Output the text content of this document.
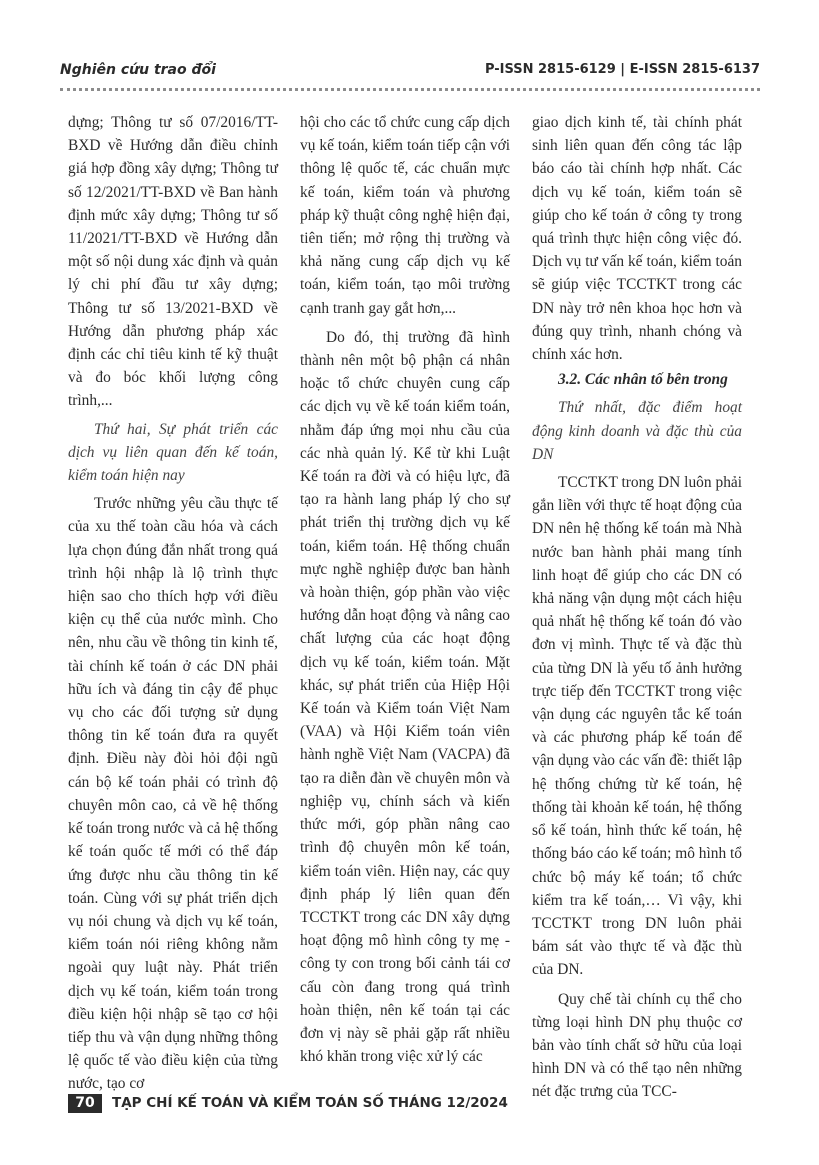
Nghiên cứu trao đổi	P-ISSN 2815-6129 | E-ISSN 2815-6137

dựng; Thông tư số 07/2016/TT-BXD về Hướng dẫn điều chỉnh giá hợp đồng xây dựng; Thông tư số 12/2021/TT-BXD về Ban hành định mức xây dựng; Thông tư số 11/2021/TT-BXD về Hướng dẫn một số nội dung xác định và quản lý chi phí đầu tư xây dựng; Thông tư số 13/2021-BXD về Hướng dẫn phương pháp xác định các chỉ tiêu kinh tế kỹ thuật và đo bóc khối lượng công trình,...

Thứ hai, Sự phát triển các dịch vụ liên quan đến kế toán, kiểm toán hiện nay

Trước những yêu cầu thực tế của xu thế toàn cầu hóa và cách lựa chọn đúng đắn nhất trong quá trình hội nhập là lộ trình thực hiện sao cho thích hợp với điều kiện cụ thể của nước mình. Cho nên, nhu cầu về thông tin kinh tế, tài chính kế toán ở các DN phải hữu ích và đáng tin cậy để phục vụ cho các đối tượng sử dụng thông tin kế toán đưa ra quyết định. Điều này đòi hỏi đội ngũ cán bộ kế toán phải có trình độ chuyên môn cao, cả về hệ thống kế toán trong nước và cả hệ thống kế toán quốc tế mới có thể đáp ứng được nhu cầu thông tin kế toán. Cùng với sự phát triển dịch vụ nói chung và dịch vụ kế toán, kiểm toán nói riêng không nằm ngoài quy luật này. Phát triển dịch vụ kế toán, kiểm toán trong điều kiện hội nhập sẽ tạo cơ hội tiếp thu và vận dụng những thông lệ quốc tế vào điều kiện của từng nước, tạo cơ

hội cho các tổ chức cung cấp dịch vụ kế toán, kiểm toán tiếp cận với thông lệ quốc tế, các chuẩn mực kế toán, kiểm toán và phương pháp kỹ thuật công nghệ hiện đại, tiên tiến; mở rộng thị trường và khả năng cung cấp dịch vụ kế toán, kiểm toán, tạo môi trường cạnh tranh gay gắt hơn,...

Do đó, thị trường đã hình thành nên một bộ phận cá nhân hoặc tổ chức chuyên cung cấp các dịch vụ về kế toán kiểm toán, nhằm đáp ứng mọi nhu cầu của các nhà quản lý. Kể từ khi Luật Kế toán ra đời và có hiệu lực, đã tạo ra hành lang pháp lý cho sự phát triển thị trường dịch vụ kế toán, kiểm toán. Hệ thống chuẩn mực nghề nghiệp được ban hành và hoàn thiện, góp phần vào việc hướng dẫn hoạt động và nâng cao chất lượng của các hoạt động dịch vụ kế toán, kiểm toán. Mặt khác, sự phát triển của Hiệp Hội Kế toán và Kiểm toán Việt Nam (VAA) và Hội Kiểm toán viên hành nghề Việt Nam (VACPA) đã tạo ra diễn đàn về chuyên môn và nghiệp vụ, chính sách và kiến thức mới, góp phần nâng cao trình độ chuyên môn kế toán, kiểm toán viên. Hiện nay, các quy định pháp lý liên quan đến TCCTKT trong các DN xây dựng hoạt động mô hình công ty mẹ - công ty con trong bối cảnh tái cơ cấu còn đang trong quá trình hoàn thiện, nên kế toán tại các đơn vị này sẽ phải gặp rất nhiều khó khăn trong việc xử lý các

giao dịch kinh tế, tài chính phát sinh liên quan đến công tác lập báo cáo tài chính hợp nhất. Các dịch vụ kế toán, kiểm toán sẽ giúp cho kế toán ở công ty trong quá trình thực hiện công việc đó. Dịch vụ tư vấn kế toán, kiểm toán sẽ giúp việc TCCTKT trong các DN này trở nên khoa học hơn và đúng quy trình, nhanh chóng và chính xác hơn.

3.2. Các nhân tố bên trong

Thứ nhất, đặc điểm hoạt động kinh doanh và đặc thù của DN

TCCTKT trong DN luôn phải gắn liền với thực tế hoạt động của DN nên hệ thống kế toán mà Nhà nước ban hành phải mang tính linh hoạt để giúp cho các DN có khả năng vận dụng một cách hiệu quả nhất hệ thống kế toán đó vào đơn vị mình. Thực tế và đặc thù của từng DN là yếu tố ảnh hưởng trực tiếp đến TCCTKT trong việc vận dụng các nguyên tắc kế toán và các phương pháp kế toán để vận dụng vào các vấn đề: thiết lập hệ thống chứng từ kế toán, hệ thống tài khoản kế toán, hệ thống sổ kế toán, hình thức kế toán, hệ thống báo cáo kế toán; mô hình tổ chức bộ máy kế toán; tổ chức kiểm tra kế toán,… Vì vậy, khi TCCTKT trong DN luôn phải bám sát vào thực tế và đặc thù của DN.

Quy chế tài chính cụ thể cho từng loại hình DN phụ thuộc cơ bản vào tính chất sở hữu của loại hình DN và có thể tạo nên những nét đặc trưng của TCC-

70	TẠP CHÍ KẾ TOÁN VÀ KIỂM TOÁN SỐ THÁNG 12/2024
